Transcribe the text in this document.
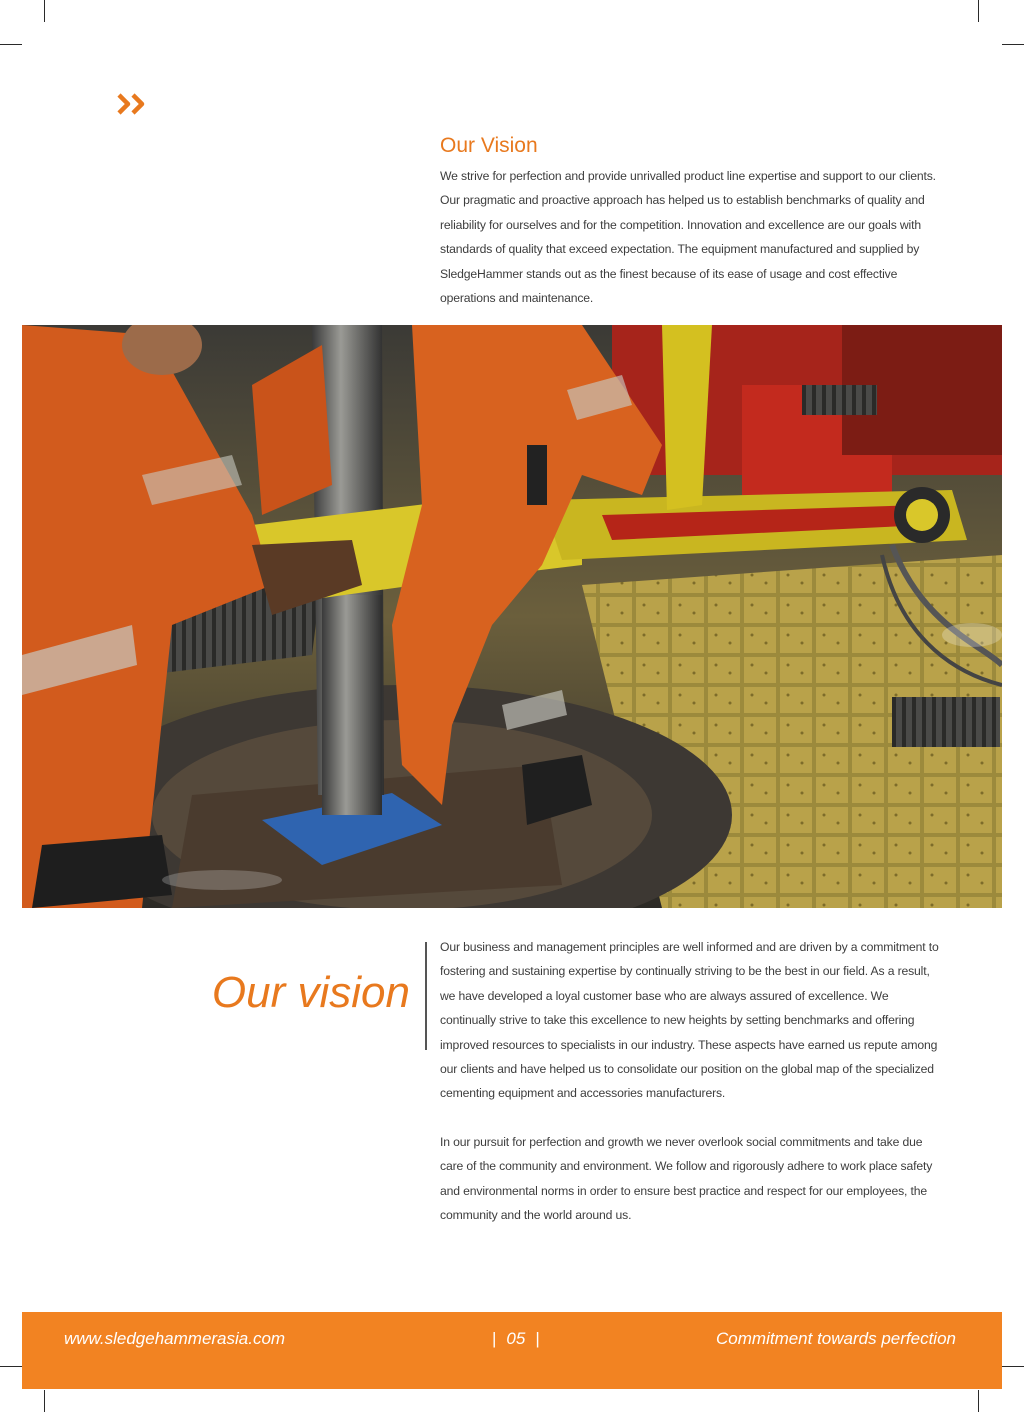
Our Vision

We strive for perfection and provide unrivalled product line expertise and support to our clients. Our pragmatic and proactive approach has helped us to establish benchmarks of quality and reliability for ourselves and for the competition. Innovation and excellence are our goals with standards of quality that exceed expectation. The equipment manufactured and supplied by SledgeHammer stands out as the finest because of its ease of usage and cost effective operations and maintenance.

Our vision

Our business and management principles are well informed and are driven by a commitment to fostering and sustaining expertise by continually striving to be the best in our field. As a result, we have developed a loyal customer base who are always assured of excellence. We continually strive to take this excellence to new heights by setting benchmarks and offering improved resources to specialists in our industry. These aspects have earned us repute among our clients and have helped us to consolidate our position on the global map of the specialized cementing equipment and accessories manufacturers.

In our pursuit for perfection and growth we never overlook social commitments and take due care of the community and environment. We follow and rigorously adhere to work place safety and environmental norms in order to ensure best practice and respect for our employees, the community and the world around us.

www.sledgehammerasia.com	| 05 |	Commitment towards perfection
